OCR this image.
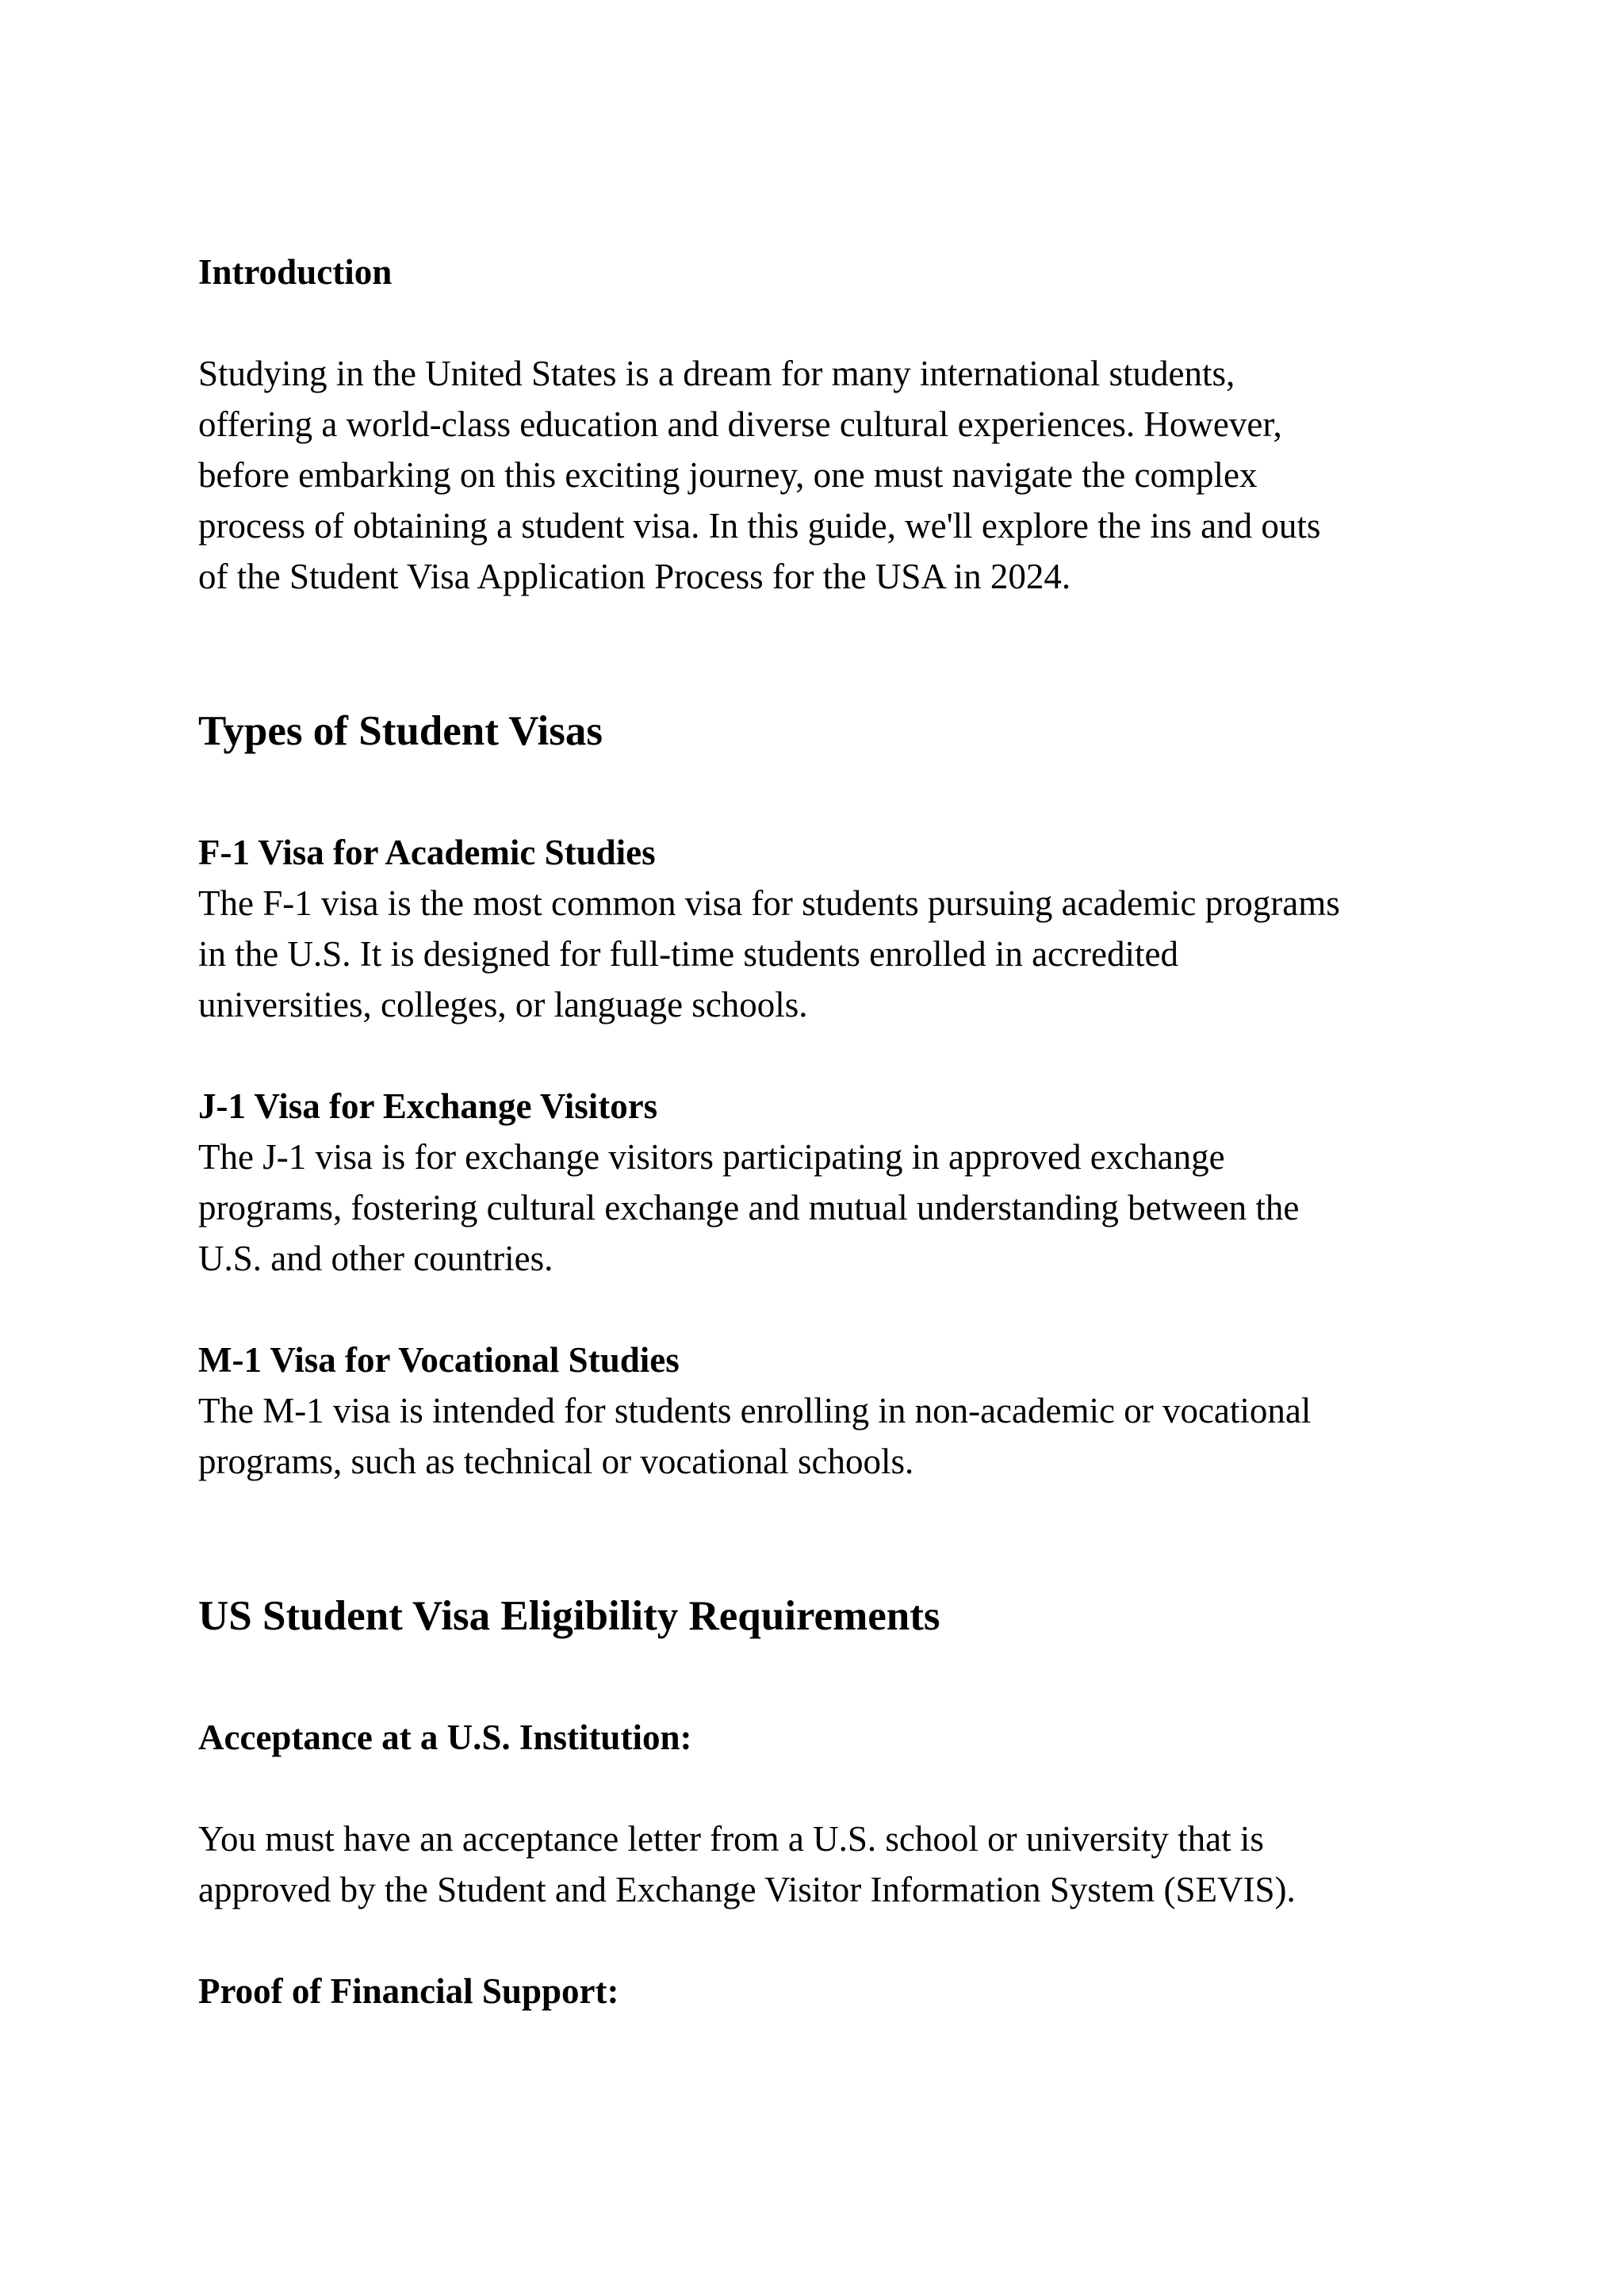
Introduction
Studying in the United States is a dream for many international students,
offering a world-class education and diverse cultural experiences. However,
before embarking on this exciting journey, one must navigate the complex
process of obtaining a student visa. In this guide, we'll explore the ins and outs
of the Student Visa Application Process for the USA in 2024.
Types of Student Visas
F-1 Visa for Academic Studies
The F-1 visa is the most common visa for students pursuing academic programs
in the U.S. It is designed for full-time students enrolled in accredited
universities, colleges, or language schools.
J-1 Visa for Exchange Visitors
The J-1 visa is for exchange visitors participating in approved exchange
programs, fostering cultural exchange and mutual understanding between the
U.S. and other countries.
M-1 Visa for Vocational Studies
The M-1 visa is intended for students enrolling in non-academic or vocational
programs, such as technical or vocational schools.
US Student Visa Eligibility Requirements
Acceptance at a U.S. Institution:
You must have an acceptance letter from a U.S. school or university that is
approved by the Student and Exchange Visitor Information System (SEVIS).
Proof of Financial Support:
